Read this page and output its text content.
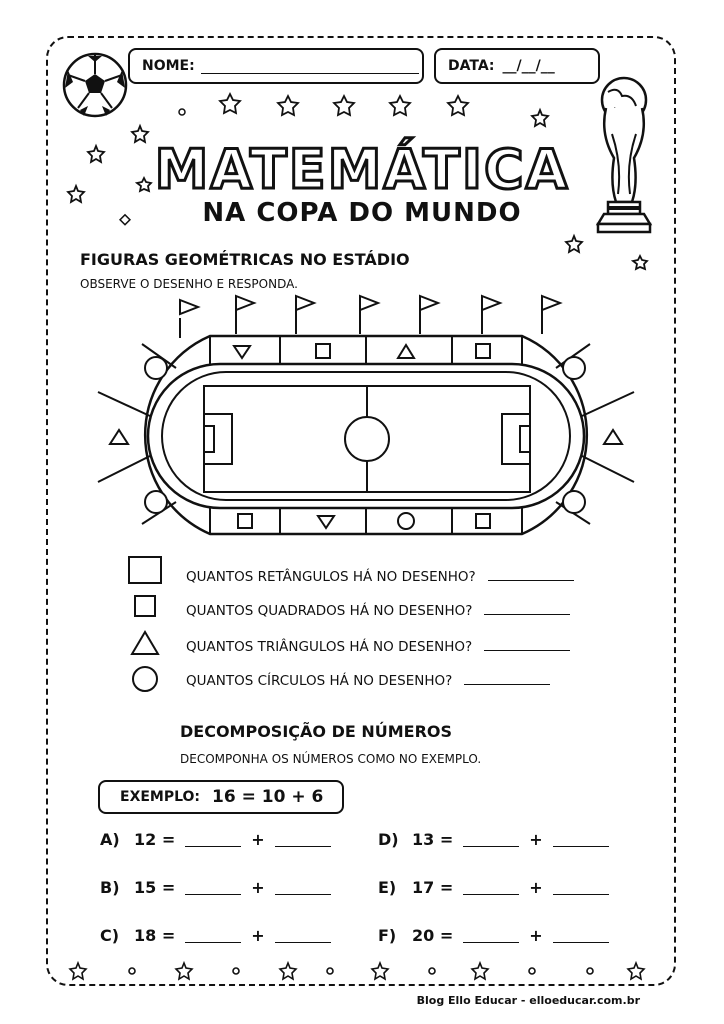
NOME:	DATA: __/__/__
MATEMÁTICA
NA COPA DO MUNDO
FIGURAS GEOMÉTRICAS NO ESTÁDIO
OBSERVE O DESENHO E RESPONDA.
QUANTOS RETÂNGULOS HÁ NO DESENHO?
QUANTOS QUADRADOS HÁ NO DESENHO?
QUANTOS TRIÂNGULOS HÁ NO DESENHO?
QUANTOS CÍRCULOS HÁ NO DESENHO?
DECOMPOSIÇÃO DE NÚMEROS
DECOMPONHA OS NÚMEROS COMO NO EXEMPLO.
EXEMPLO: 16 = 10 + 6
A) 12
=	+
B) 15
=	+
C) 18
=	+
D) 13
=	+
E) 17
=	+
F) 20
=	+
Blog Ello Educar - elloeducar.com.br
